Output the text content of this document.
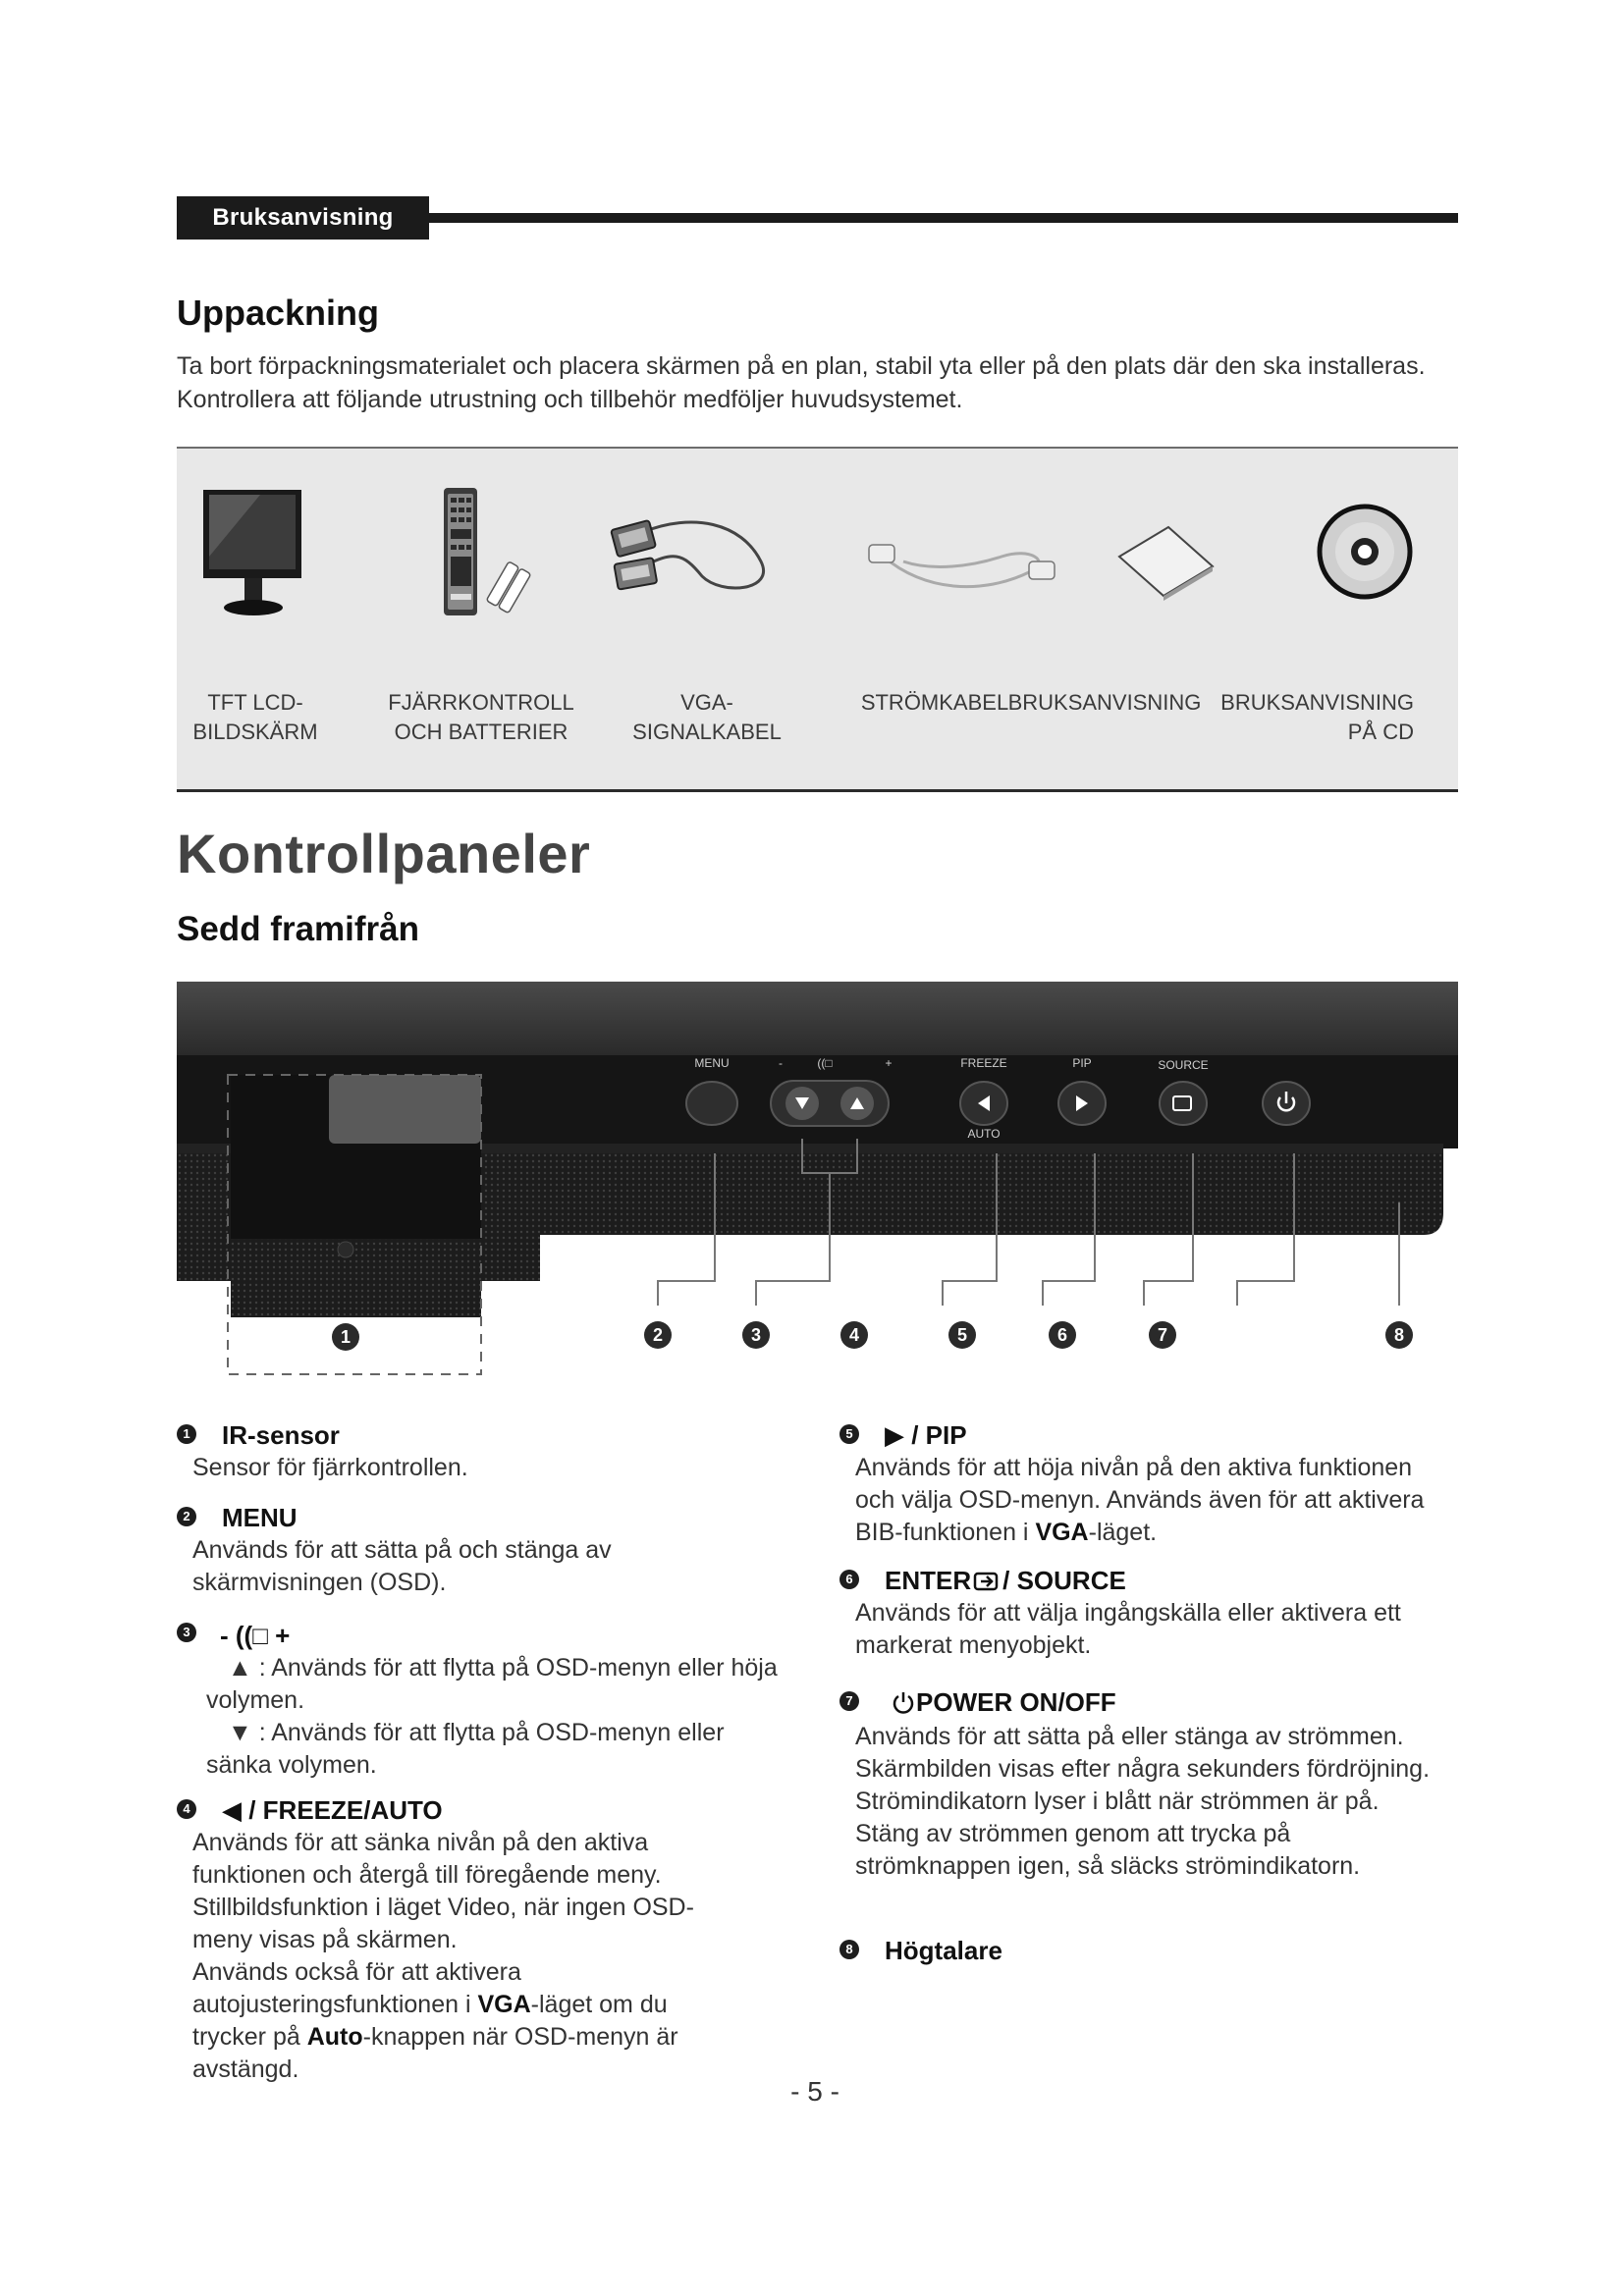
Bruksanvisning
Uppackning

Ta bort förpackningsmaterialet och placera skärmen på en plan, stabil yta eller på den plats där den ska installeras. Kontrollera att följande utrustning och tillbehör medföljer huvudsystemet.

TFT LCD-
BILDSKÄRM
FJÄRRKONTROLL
OCH BATTERIER
VGA-
SIGNALKABEL
STRÖMKABEL BRUKSANVISNING BRUKSANVISNING
PÅ CD
Kontrollpaneler
Sedd framifrån
MENU	-	((□	+	FREEZE
AUTO
PIP	SOURCE
1	2	3	4	5	6	7	8
1 IR-sensor

Sensor för fjärrkontrollen.

2 MENU

Används för att sätta på och stänga av skärmvisningen (OSD).

3 - ((□ +

▲ : Används för att flytta på OSD-menyn eller höja volymen.

▼ : Används för att flytta på OSD-menyn eller sänka volymen.

4 ◀ / FREEZE/AUTO

Används för att sänka nivån på den aktiva funktionen och återgå till föregående meny.

Stillbildsfunktion i läget Video, när ingen OSD-meny visas på skärmen.

Används också för att aktivera autojusteringsfunktionen i VGA-läget om du trycker på Auto-knappen när OSD-menyn är avstängd.

5 ▶ / PIP

Används för att höja nivån på den aktiva funktionen och välja OSD-menyn. Används även för att aktivera BIB-funktionen i VGA-läget.

6 ENTER / SOURCE

Används för att välja ingångskälla eller aktivera ett markerat menyobjekt.

7	POWER ON/OFF

Används för att sätta på eller stänga av strömmen. Skärmbilden visas efter några sekunders fördröjning.

Strömindikatorn lyser i blått när strömmen är på. Stäng av strömmen genom att trycka på strömknappen igen, så släcks strömindikatorn.

8 Högtalare
- 5 -
